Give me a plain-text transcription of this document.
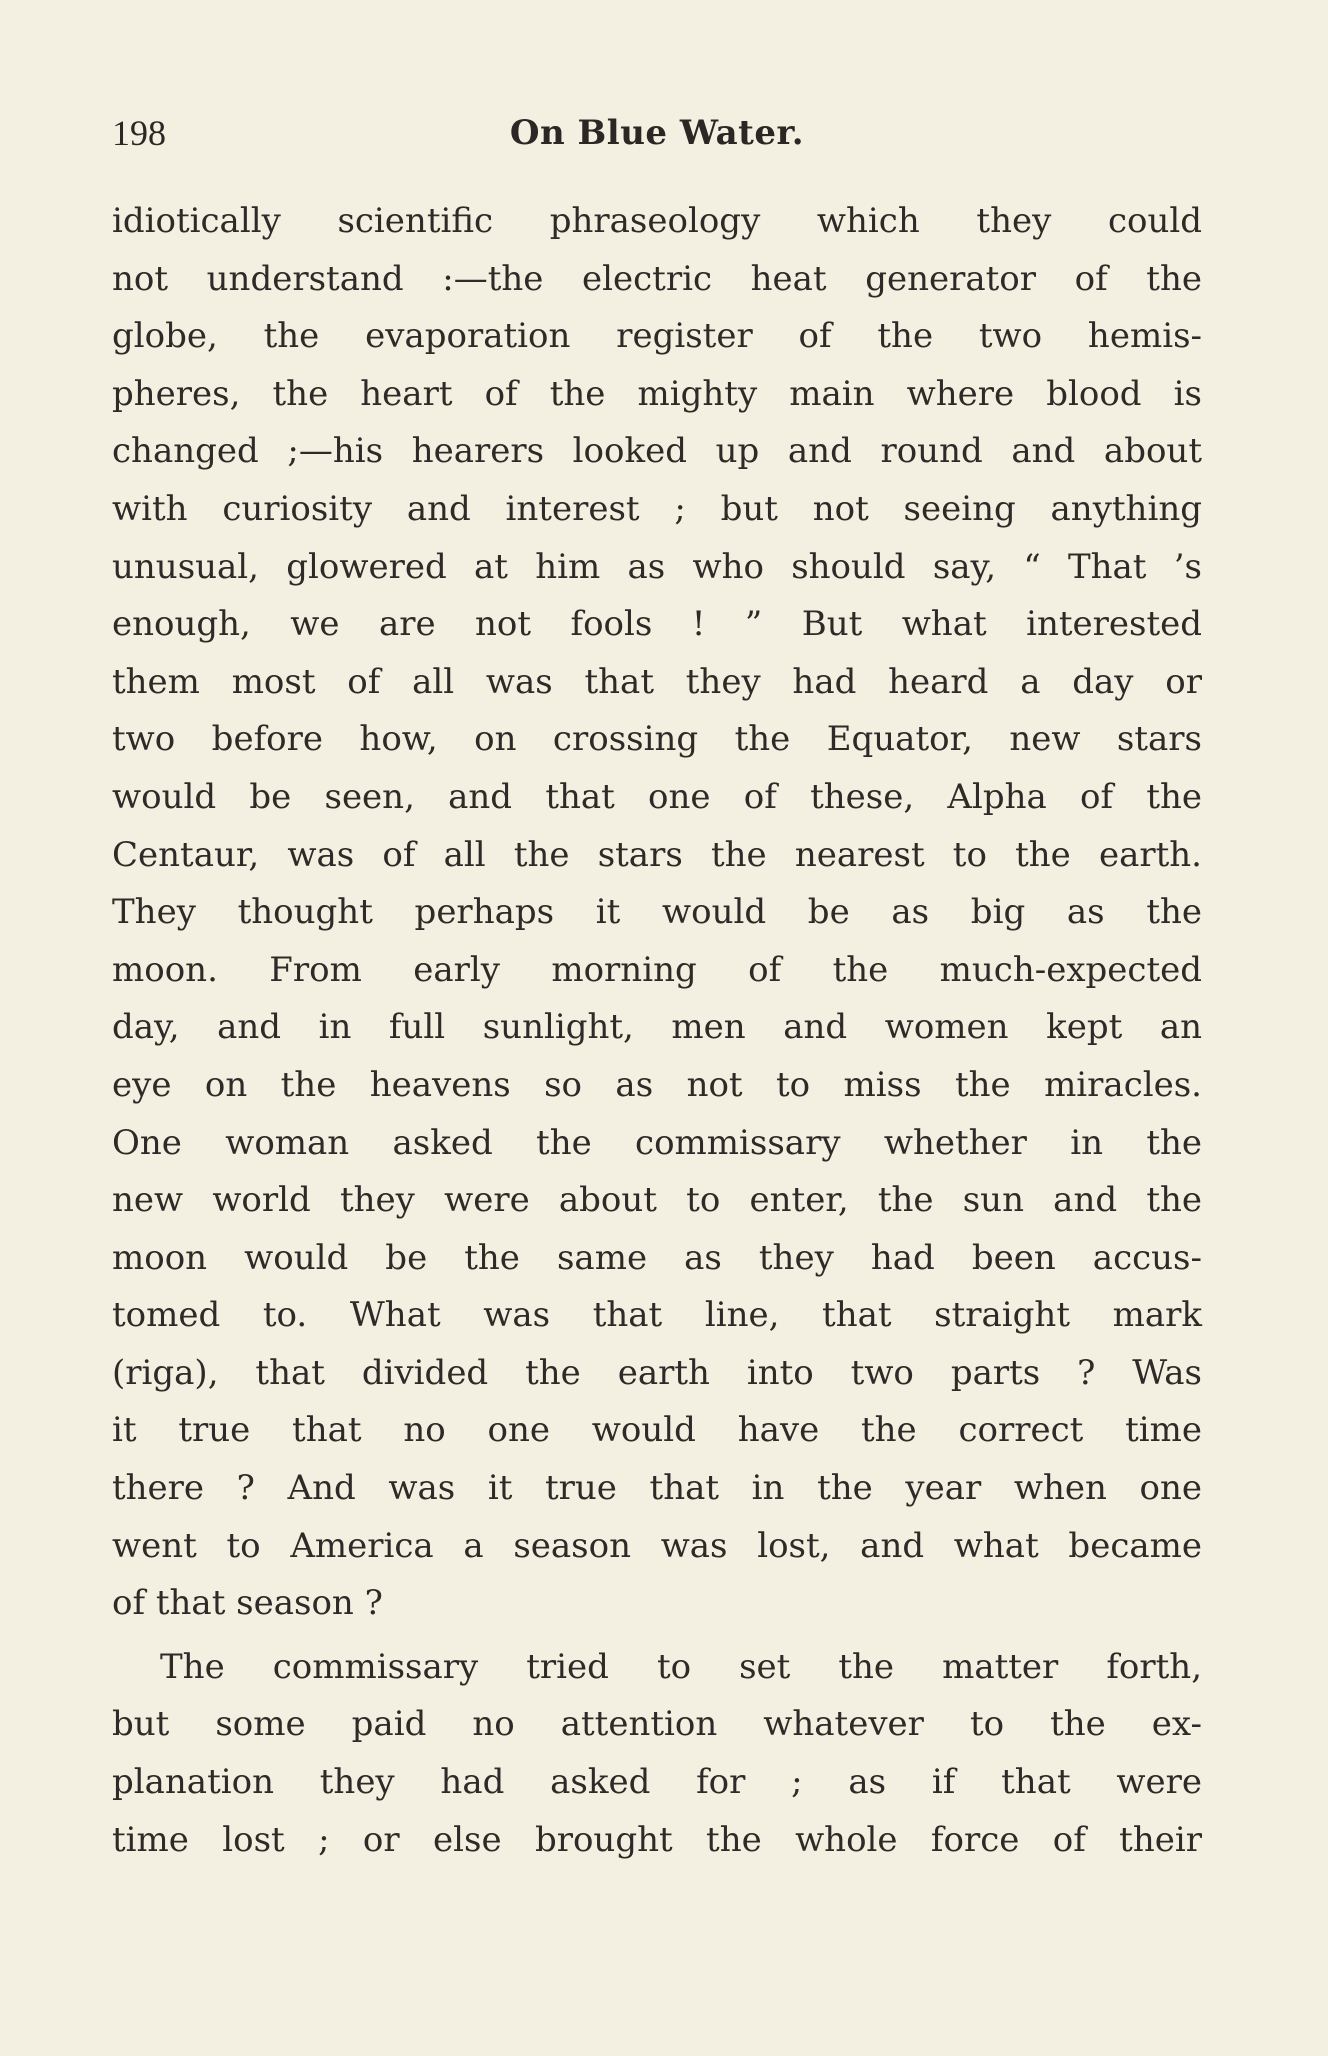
198	On Blue Water.
idiotically scientific phraseology which they could
not understand :—the electric heat generator of the
globe, the evaporation register of the two hemis-
pheres, the heart of the mighty main where blood is
changed ;—his hearers looked up and round and about
with curiosity and interest ; but not seeing anything
unusual, glowered at him as who should say, “ That ’s
enough, we are not fools ! ” But what interested
them most of all was that they had heard a day or
two before how, on crossing the Equator, new stars
would be seen, and that one of these, Alpha of the
Centaur, was of all the stars the nearest to the earth.
They thought perhaps it would be as big as the
moon. From early morning of the much-expected
day, and in full sunlight, men and women kept an
eye on the heavens so as not to miss the miracles.
One woman asked the commissary whether in the
new world they were about to enter, the sun and the
moon would be the same as they had been accus-
tomed to. What was that line, that straight mark
(riga), that divided the earth into two parts ? Was
it true that no one would have the correct time
there ? And was it true that in the year when one
went to America a season was lost, and what became
of that season ?
The commissary tried to set the matter forth,
but some paid no attention whatever to the ex-
planation they had asked for ; as if that were
time lost ; or else brought the whole force of their
